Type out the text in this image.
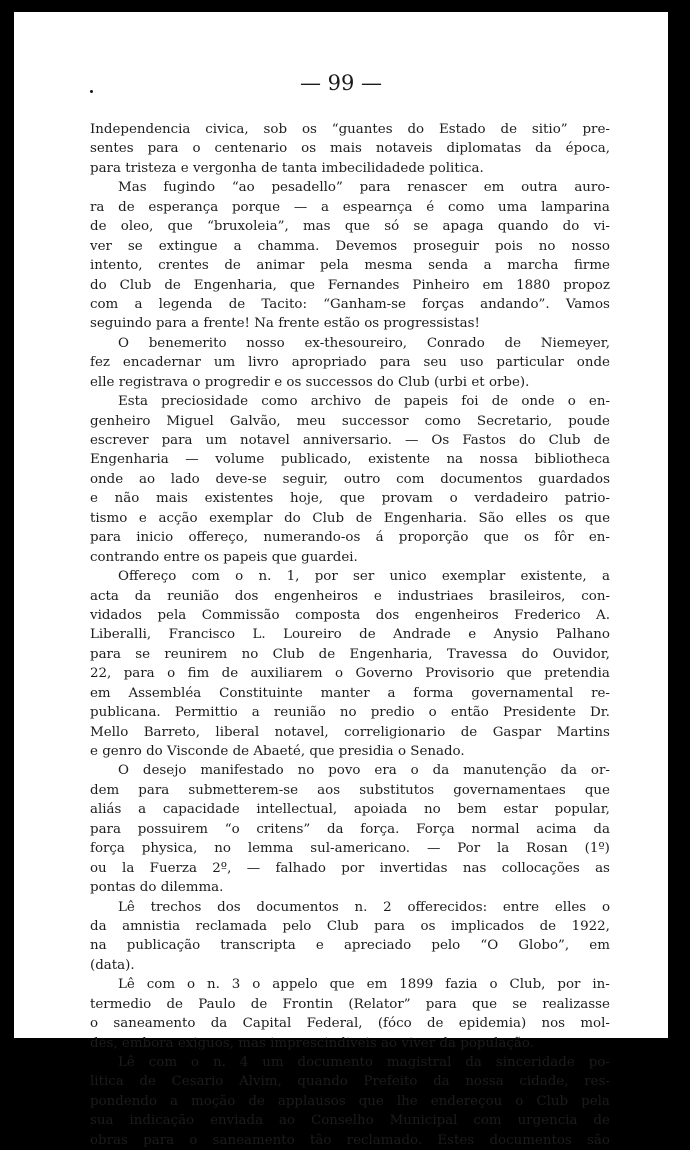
— 99 —
Independencia civica, sob os “guantes do Estado de sitio” pre-
sentes para o centenario os mais notaveis diplomatas da época,
para tristeza e vergonha de tanta imbecilidadede politica.
Mas fugindo “ao pesadello” para renascer em outra auro-
ra de esperança porque — a espearnça é como uma lamparina
de oleo, que “bruxoleia”, mas que só se apaga quando do vi-
ver se extingue a chamma. Devemos proseguir pois no nosso
intento, crentes de animar pela mesma senda a marcha firme
do Club de Engenharia, que Fernandes Pinheiro em 1880 propoz
com a legenda de Tacito: “Ganham-se forças andando”. Vamos
seguindo para a frente! Na frente estão os progressistas!
O benemerito nosso ex-thesoureiro, Conrado de Niemeyer,
fez encadernar um livro apropriado para seu uso particular onde
elle registrava o progredir e os successos do Club (urbi et orbe).
Esta preciosidade como archivo de papeis foi de onde o en-
genheiro Miguel Galvão, meu successor como Secretario, poude
escrever para um notavel anniversario. — Os Fastos do Club de
Engenharia — volume publicado, existente na nossa bibliotheca
onde ao lado deve-se seguir, outro com documentos guardados
e não mais existentes hoje, que provam o verdadeiro patrio-
tismo e acção exemplar do Club de Engenharia. São elles os que
para inicio offereço, numerando-os á proporção que os fôr en-
contrando entre os papeis que guardei.
Offereço com o n. 1, por ser unico exemplar existente, a
acta da reunião dos engenheiros e industriaes brasileiros, con-
vidados pela Commissão composta dos engenheiros Frederico A.
Liberalli, Francisco L. Loureiro de Andrade e Anysio Palhano
para se reunirem no Club de Engenharia, Travessa do Ouvidor,
22, para o fim de auxiliarem o Governo Provisorio que pretendia
em Assembléa Constituinte manter a forma governamental re-
publicana. Permittio a reunião no predio o então Presidente Dr.
Mello Barreto, liberal notavel, correligionario de Gaspar Martins
e genro do Visconde de Abaeté, que presidia o Senado.
O desejo manifestado no povo era o da manutenção da or-
dem para submetterem-se aos substitutos governamentaes que
aliás a capacidade intellectual, apoiada no bem estar popular,
para possuirem “o critens” da força. Força normal acima da
força physica, no lemma sul-americano. — Por la Rosan (1º)
ou la Fuerza 2º, — falhado por invertidas nas collocações as
pontas do dilemma.
Lê trechos dos documentos n. 2 offerecidos: entre elles o
da amnistia reclamada pelo Club para os implicados de 1922,
na publicação transcripta e apreciado pelo “O Globo”, em
(data).
Lê com o n. 3 o appelo que em 1899 fazia o Club, por in-
termedio de Paulo de Frontin (Relator” para que se realizasse
o saneamento da Capital Federal, (fóco de epidemia) nos mol-
des, embora exiguos, mas imprescindiveis ao viver da população.
Lê com o n. 4 um documento magistral da sinceridade po-
litica de Cesario Alvim, quando Prefeito da nossa cidade, res-
pondendo a moção de applausos que lhe endereçou o Club pela
sua indicação enviada ao Conselho Municipal com urgencia de
obras para o saneamento tão reclamado. Estes documentos são
